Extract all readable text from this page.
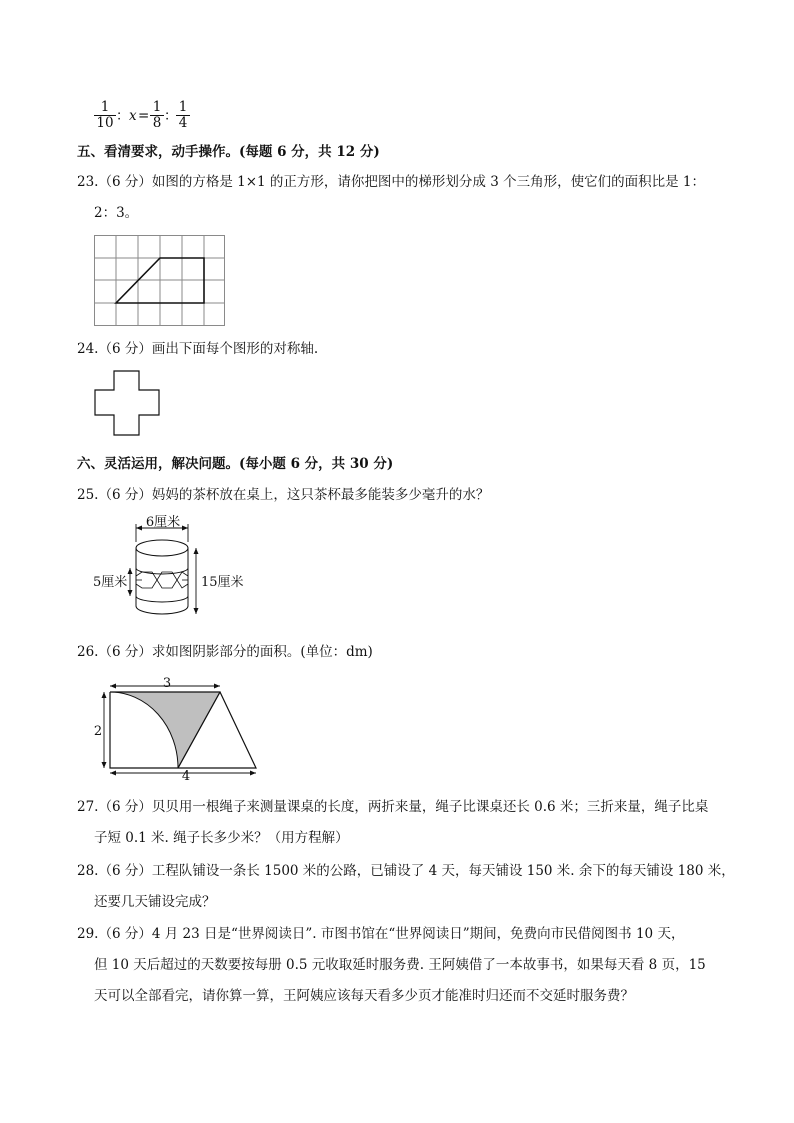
$\frac{1}{10}$ ： $x = \frac{1}{8}$ ：
$\frac{1}{4}$
五、看清要求，动手操作。(每题 6 分，共 12 分)
23.（6 分）如图的方格是 1×1 的正方形，请你把图中的梯形划分成 3 个三角形，使它们的面积比是 1：
2：3。
24.（6 分）画出下面每个图形的对称轴.
六、灵活运用，解决问题。(每小题 6 分，共 30 分)
25.（6 分）妈妈的茶杯放在桌上，这只茶杯最多能装多少毫升的水？
6厘米
5厘米	15厘米
26.（6 分）求如图阴影部分的面积。(单位：dm)
3
2
4
27.（6 分）贝贝用一根绳子来测量课桌的长度，两折来量，绳子比课桌还长 0.6 米；三折来量，绳子比桌
子短 0.1 米. 绳子长多少米？（用方程解）
28.（6 分）工程队铺设一条长 1500 米的公路，已铺设了 4 天，每天铺设 150 米. 余下的每天铺设 180 米，
还要几天铺设完成？
29.（6 分）4 月 23 日是“世界阅读日”. 市图书馆在“世界阅读日”期间，免费向市民借阅图书 10 天，
但 10 天后超过的天数要按每册 0.5 元收取延时服务费. 王阿姨借了一本故事书，如果每天看 8 页，15
天可以全部看完，请你算一算，王阿姨应该每天看多少页才能准时归还而不交延时服务费？
